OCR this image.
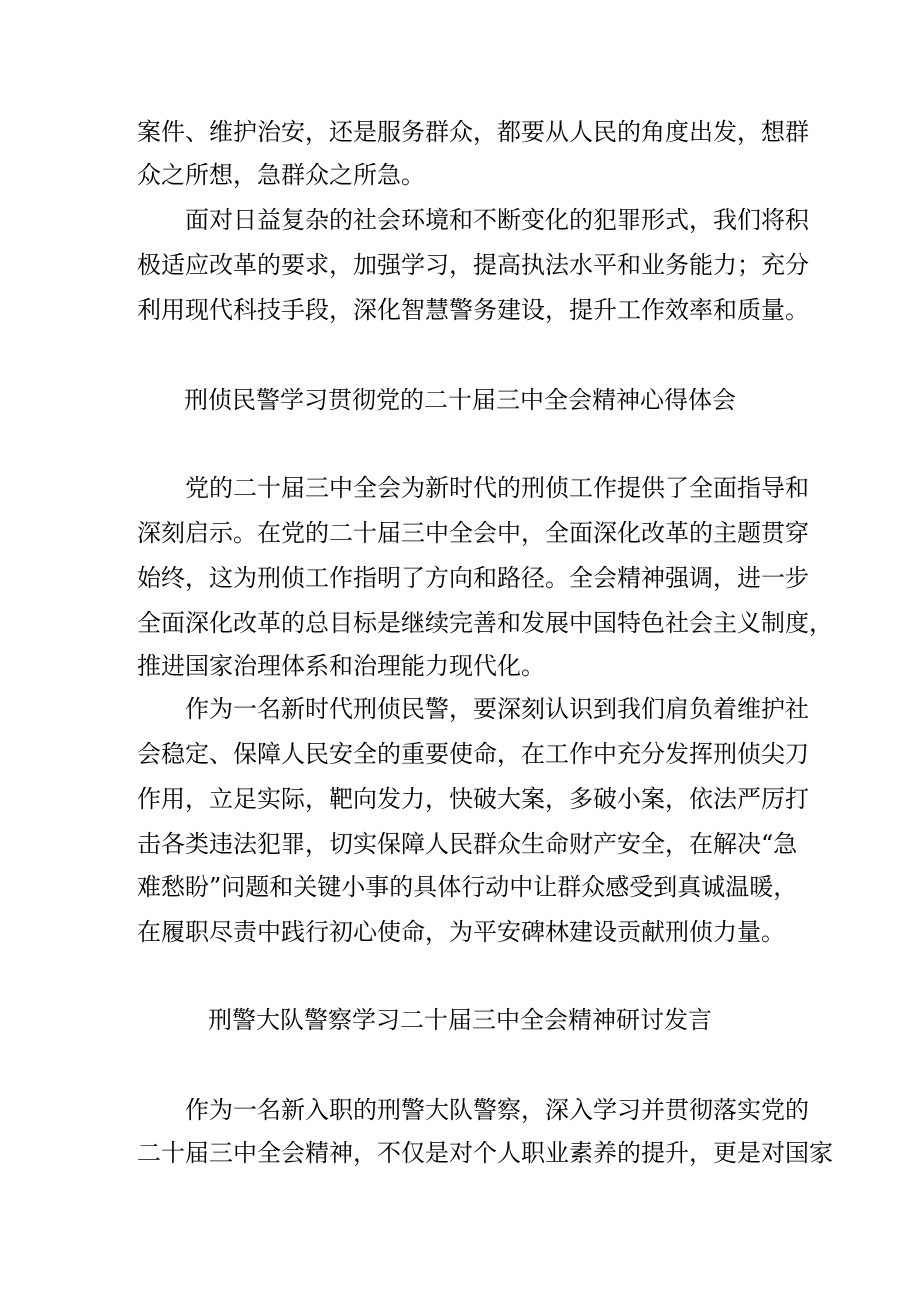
案件、维护治安，还是服务群众，都要从人民的角度出发，想群
众之所想，急群众之所急。
面对日益复杂的社会环境和不断变化的犯罪形式，我们将积
极适应改革的要求，加强学习，提高执法水平和业务能力；充分
利用现代科技手段，深化智慧警务建设，提升工作效率和质量。
刑侦民警学习贯彻党的二十届三中全会精神心得体会
党的二十届三中全会为新时代的刑侦工作提供了全面指导和
深刻启示。在党的二十届三中全会中，全面深化改革的主题贯穿
始终，这为刑侦工作指明了方向和路径。全会精神强调，进一步
全面深化改革的总目标是继续完善和发展中国特色社会主义制度，
推进国家治理体系和治理能力现代化。
作为一名新时代刑侦民警，要深刻认识到我们肩负着维护社
会稳定、保障人民安全的重要使命，在工作中充分发挥刑侦尖刀
作用，立足实际，靶向发力，快破大案，多破小案，依法严厉打
击各类违法犯罪，切实保障人民群众生命财产安全，在解决“急
难愁盼”问题和关键小事的具体行动中让群众感受到真诚温暖，
在履职尽责中践行初心使命，为平安碑林建设贡献刑侦力量。
刑警大队警察学习二十届三中全会精神研讨发言
作为一名新入职的刑警大队警察，深入学习并贯彻落实党的
二十届三中全会精神，不仅是对个人职业素养的提升，更是对国家
